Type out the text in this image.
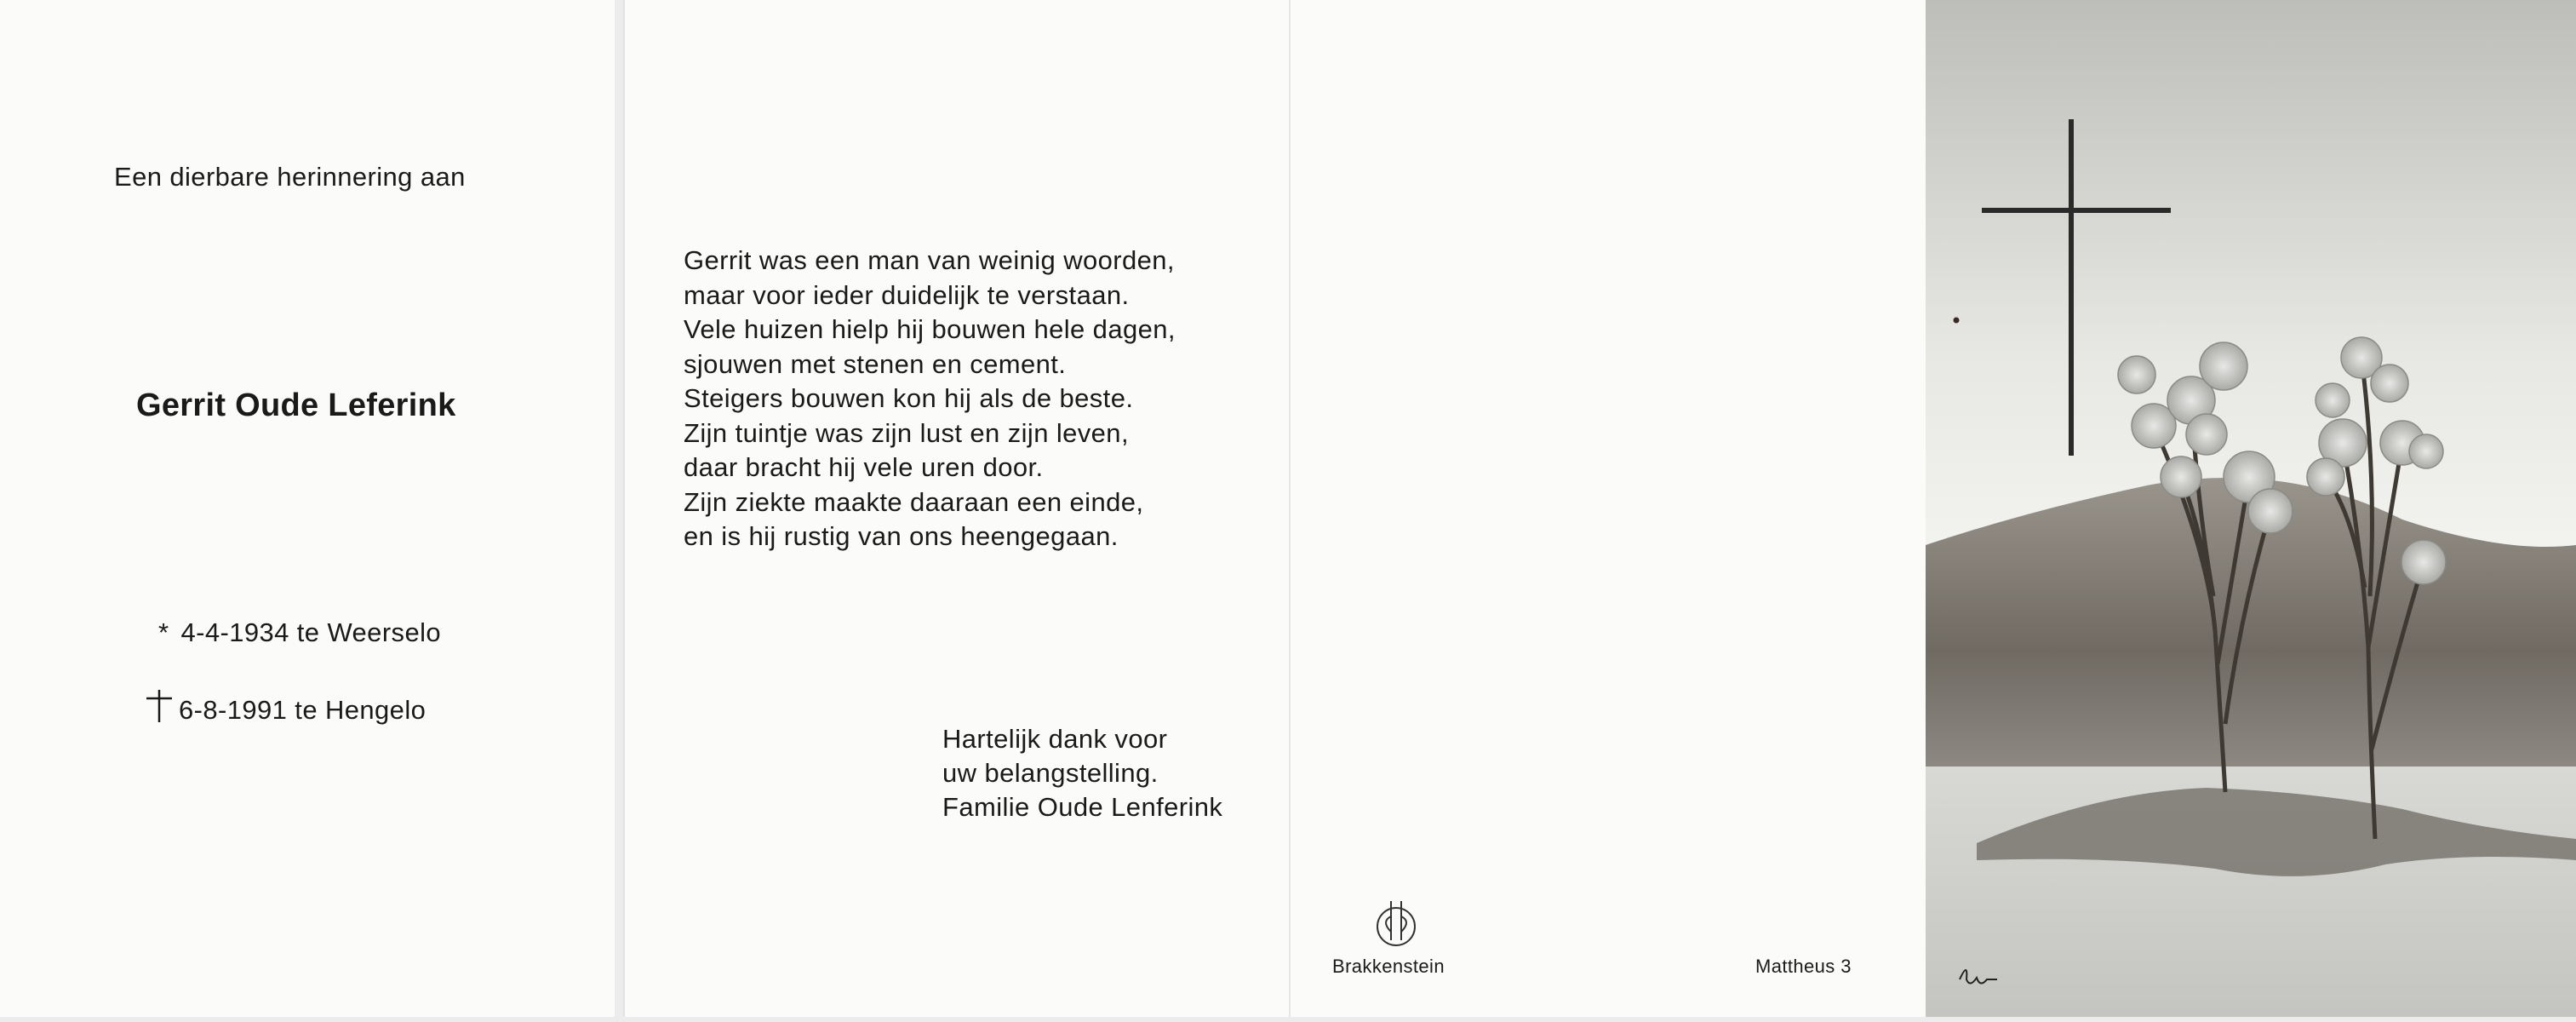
Een dierbare herinnering aan
Gerrit Oude Leferink
* 4-4-1934 te Weerselo
6-8-1991 te Hengelo
Gerrit was een man van weinig woorden,
maar voor ieder duidelijk te verstaan.
Vele huizen hielp hij bouwen hele dagen,
sjouwen met stenen en cement.
Steigers bouwen kon hij als de beste.
Zijn tuintje was zijn lust en zijn leven,
daar bracht hij vele uren door.
Zijn ziekte maakte daaraan een einde,
en is hij rustig van ons heengegaan.
Hartelijk dank voor
uw belangstelling.
Familie Oude Lenferink
Brakkenstein	Mattheus 3
